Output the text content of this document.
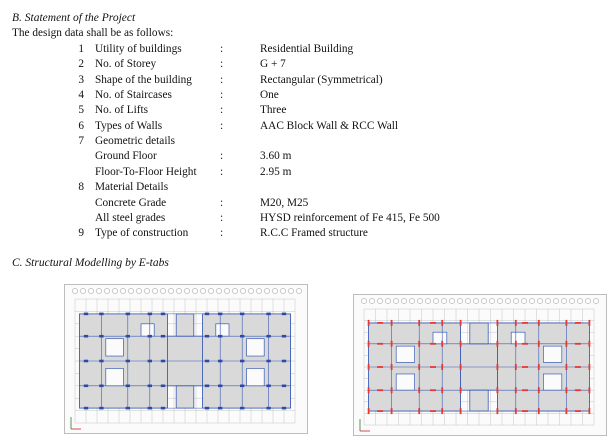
B. Statement of the Project
The design data shall be as follows:
1 Utility of buildings	:	Residential Building
2 No. of Storey	:	G + 7
3 Shape of the building :	Rectangular (Symmetrical)
4 No. of Staircases	:	One
5 No. of Lifts	:	Three
6 Types of Walls	:	AAC Block Wall & RCC Wall
7 Geometric details
Ground Floor	:	3.60 m
Floor-To-Floor Height :	2.95 m
8 Material Details
Concrete Grade	:	M20, M25
All steel grades	:	HYSD reinforcement of Fe 415, Fe 500
9 Type of construction	:	R.C.C Framed structure
C. Structural Modelling by E-tabs
